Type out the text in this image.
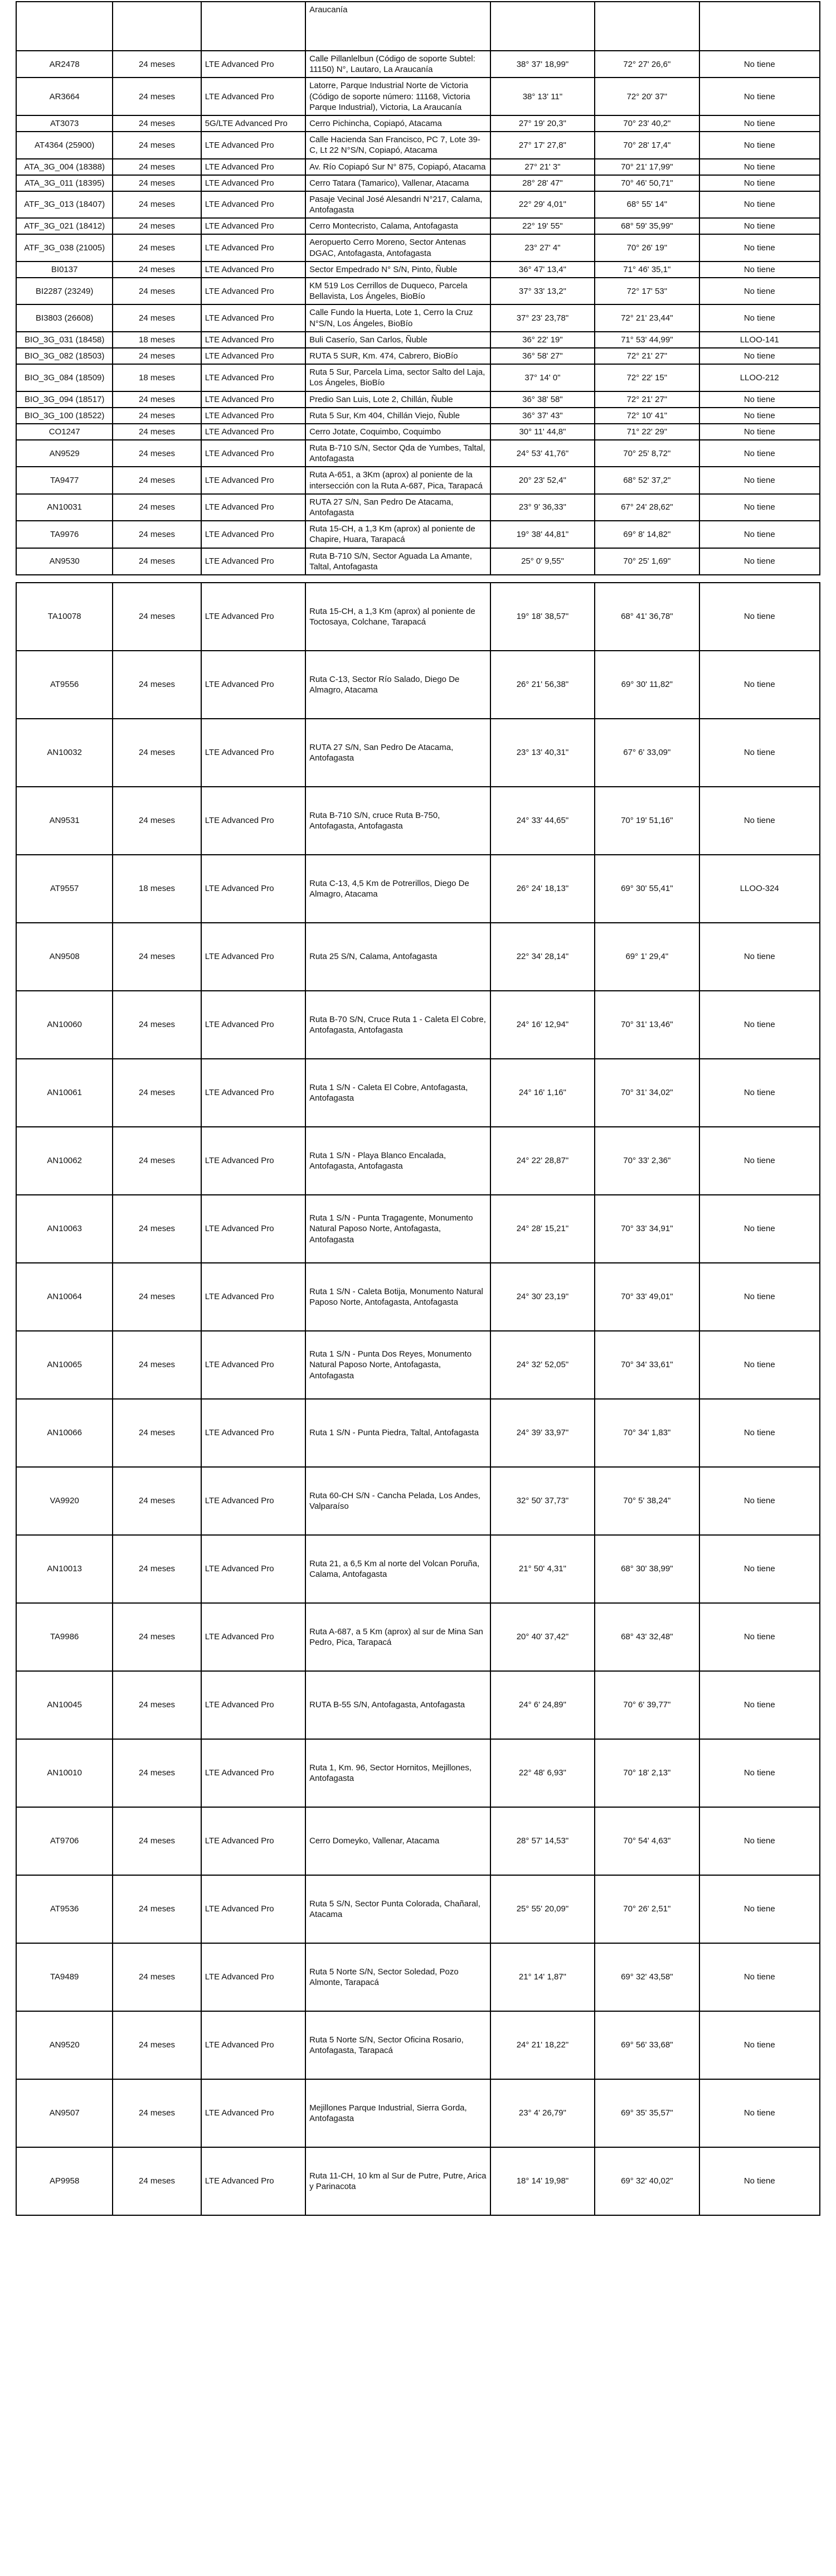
			Araucanía			
AR2478	24 meses	LTE Advanced Pro	Calle Pillanlelbun (Código de soporte Subtel: 11150) N°, Lautaro, La Araucanía	38° 37' 18,99"	72° 27' 26,6"	No tiene
AR3664	24 meses	LTE Advanced Pro	Latorre, Parque Industrial Norte de Victoria (Código de soporte número: 11168, Victoria Parque Industrial), Victoria, La Araucanía	38° 13' 11"	72° 20' 37"	No tiene
AT3073	24 meses	5G/LTE Advanced Pro	Cerro Pichincha, Copiapó, Atacama	27° 19' 20,3"	70° 23' 40,2"	No tiene
AT4364 (25900)	24 meses	LTE Advanced Pro	Calle Hacienda San Francisco, PC 7, Lote 39-C, Lt 22 N°S/N, Copiapó, Atacama	27° 17' 27,8"	70° 28' 17,4"	No tiene
ATA_3G_004 (18388)	24 meses	LTE Advanced Pro	Av. Río Copiapó Sur N° 875, Copiapó, Atacama	27° 21' 3"	70° 21' 17,99"	No tiene
ATA_3G_011 (18395)	24 meses	LTE Advanced Pro	Cerro Tatara (Tamarico), Vallenar, Atacama	28° 28' 47"	70° 46' 50,71"	No tiene
ATF_3G_013 (18407)	24 meses	LTE Advanced Pro	Pasaje Vecinal José Alesandri N°217, Calama, Antofagasta	22° 29' 4,01"	68° 55' 14"	No tiene
ATF_3G_021 (18412)	24 meses	LTE Advanced Pro	Cerro Montecristo, Calama, Antofagasta	22° 19' 55"	68° 59' 35,99"	No tiene
ATF_3G_038 (21005)	24 meses	LTE Advanced Pro	Aeropuerto Cerro Moreno, Sector Antenas DGAC, Antofagasta, Antofagasta	23° 27' 4"	70° 26' 19"	No tiene
BI0137	24 meses	LTE Advanced Pro	Sector Empedrado N° S/N, Pinto, Ñuble	36° 47' 13,4"	71° 46' 35,1"	No tiene
BI2287 (23249)	24 meses	LTE Advanced Pro	KM 519 Los Cerrillos de Duqueco, Parcela Bellavista, Los Ángeles, BioBío	37° 33' 13,2"	72° 17' 53"	No tiene
BI3803 (26608)	24 meses	LTE Advanced Pro	Calle Fundo la Huerta, Lote 1, Cerro la Cruz N°S/N, Los Ángeles, BioBío	37° 23' 23,78"	72° 21' 23,44"	No tiene
BIO_3G_031 (18458)	18 meses	LTE Advanced Pro	Buli Caserío, San Carlos, Ñuble	36° 22' 19"	71° 53' 44,99"	LLOO-141
BIO_3G_082 (18503)	24 meses	LTE Advanced Pro	RUTA 5 SUR, Km. 474, Cabrero, BioBío	36° 58' 27"	72° 21' 27"	No tiene
BIO_3G_084 (18509)	18 meses	LTE Advanced Pro	Ruta 5 Sur, Parcela Lima, sector Salto del Laja, Los Ángeles, BioBío	37° 14' 0"	72° 22' 15"	LLOO-212
BIO_3G_094 (18517)	24 meses	LTE Advanced Pro	Predio San Luis, Lote 2, Chillán, Ñuble	36° 38' 58"	72° 21' 27"	No tiene
BIO_3G_100 (18522)	24 meses	LTE Advanced Pro	Ruta 5 Sur, Km 404, Chillán Viejo, Ñuble	36° 37' 43"	72° 10' 41"	No tiene
CO1247	24 meses	LTE Advanced Pro	Cerro Jotate, Coquimbo, Coquimbo	30° 11' 44,8"	71° 22' 29"	No tiene
AN9529	24 meses	LTE Advanced Pro	Ruta B-710 S/N, Sector Qda de Yumbes, Taltal, Antofagasta	24° 53' 41,76"	70° 25' 8,72"	No tiene
TA9477	24 meses	LTE Advanced Pro	Ruta A-651, a 3Km (aprox) al poniente de la intersección con la Ruta A-687, Pica, Tarapacá	20° 23' 52,4"	68° 52' 37,2"	No tiene
AN10031	24 meses	LTE Advanced Pro	RUTA 27 S/N, San Pedro De Atacama, Antofagasta	23° 9' 36,33"	67° 24' 28,62"	No tiene
TA9976	24 meses	LTE Advanced Pro	Ruta 15-CH, a 1,3 Km (aprox) al poniente de Chapire, Huara, Tarapacá	19° 38' 44,81"	69° 8' 14,82"	No tiene
AN9530	24 meses	LTE Advanced Pro	Ruta B-710 S/N, Sector Aguada La Amante, Taltal, Antofagasta	25° 0' 9,55"	70° 25' 1,69"	No tiene
TA10078	24 meses	LTE Advanced Pro	Ruta 15-CH, a 1,3 Km (aprox) al poniente de Toctosaya, Colchane, Tarapacá	19° 18' 38,57"	68° 41' 36,78"	No tiene
AT9556	24 meses	LTE Advanced Pro	Ruta C-13, Sector Río Salado, Diego De Almagro, Atacama	26° 21' 56,38"	69° 30' 11,82"	No tiene
AN10032	24 meses	LTE Advanced Pro	RUTA 27 S/N, San Pedro De Atacama, Antofagasta	23° 13' 40,31"	67° 6' 33,09"	No tiene
AN9531	24 meses	LTE Advanced Pro	Ruta B-710 S/N, cruce Ruta B-750, Antofagasta, Antofagasta	24° 33' 44,65"	70° 19' 51,16"	No tiene
AT9557	18 meses	LTE Advanced Pro	Ruta C-13, 4,5 Km de Potrerillos, Diego De Almagro, Atacama	26° 24' 18,13"	69° 30' 55,41"	LLOO-324
AN9508	24 meses	LTE Advanced Pro	Ruta 25 S/N, Calama, Antofagasta	22° 34' 28,14"	69° 1' 29,4"	No tiene
AN10060	24 meses	LTE Advanced Pro	Ruta B-70 S/N, Cruce Ruta 1 - Caleta El Cobre, Antofagasta, Antofagasta	24° 16' 12,94"	70° 31' 13,46"	No tiene
AN10061	24 meses	LTE Advanced Pro	Ruta 1 S/N - Caleta El Cobre, Antofagasta, Antofagasta	24° 16' 1,16"	70° 31' 34,02"	No tiene
AN10062	24 meses	LTE Advanced Pro	Ruta 1 S/N - Playa Blanco Encalada, Antofagasta, Antofagasta	24° 22' 28,87"	70° 33' 2,36"	No tiene
AN10063	24 meses	LTE Advanced Pro	Ruta 1 S/N - Punta Tragagente, Monumento Natural Paposo Norte, Antofagasta, Antofagasta	24° 28' 15,21"	70° 33' 34,91"	No tiene
AN10064	24 meses	LTE Advanced Pro	Ruta 1 S/N - Caleta Botija, Monumento Natural Paposo Norte, Antofagasta, Antofagasta	24° 30' 23,19"	70° 33' 49,01"	No tiene
AN10065	24 meses	LTE Advanced Pro	Ruta 1 S/N - Punta Dos Reyes, Monumento Natural Paposo Norte, Antofagasta, Antofagasta	24° 32' 52,05"	70° 34' 33,61"	No tiene
AN10066	24 meses	LTE Advanced Pro	Ruta 1 S/N - Punta Piedra, Taltal, Antofagasta	24° 39' 33,97"	70° 34' 1,83"	No tiene
VA9920	24 meses	LTE Advanced Pro	Ruta 60-CH S/N - Cancha Pelada, Los Andes, Valparaíso	32° 50' 37,73"	70° 5' 38,24"	No tiene
AN10013	24 meses	LTE Advanced Pro	Ruta 21, a 6,5 Km al norte del Volcan Poruña, Calama, Antofagasta	21° 50' 4,31"	68° 30' 38,99"	No tiene
TA9986	24 meses	LTE Advanced Pro	Ruta A-687, a 5 Km (aprox) al sur de Mina San Pedro, Pica, Tarapacá	20° 40' 37,42"	68° 43' 32,48"	No tiene
AN10045	24 meses	LTE Advanced Pro	RUTA B-55 S/N, Antofagasta, Antofagasta	24° 6' 24,89"	70° 6' 39,77"	No tiene
AN10010	24 meses	LTE Advanced Pro	Ruta 1, Km. 96, Sector Hornitos, Mejillones, Antofagasta	22° 48' 6,93"	70° 18' 2,13"	No tiene
AT9706	24 meses	LTE Advanced Pro	Cerro Domeyko, Vallenar, Atacama	28° 57' 14,53"	70° 54' 4,63"	No tiene
AT9536	24 meses	LTE Advanced Pro	Ruta 5 S/N, Sector Punta Colorada, Chañaral, Atacama	25° 55' 20,09"	70° 26' 2,51"	No tiene
TA9489	24 meses	LTE Advanced Pro	Ruta 5 Norte S/N, Sector Soledad, Pozo Almonte, Tarapacá	21° 14' 1,87"	69° 32' 43,58"	No tiene
AN9520	24 meses	LTE Advanced Pro	Ruta 5 Norte S/N, Sector Oficina Rosario, Antofagasta, Tarapacá	24° 21' 18,22"	69° 56' 33,68"	No tiene
AN9507	24 meses	LTE Advanced Pro	Mejillones Parque Industrial, Sierra Gorda, Antofagasta	23° 4' 26,79"	69° 35' 35,57"	No tiene
AP9958	24 meses	LTE Advanced Pro	Ruta 11-CH, 10 km al Sur de Putre, Putre, Arica y Parinacota	18° 14' 19,98"	69° 32' 40,02"	No tiene
